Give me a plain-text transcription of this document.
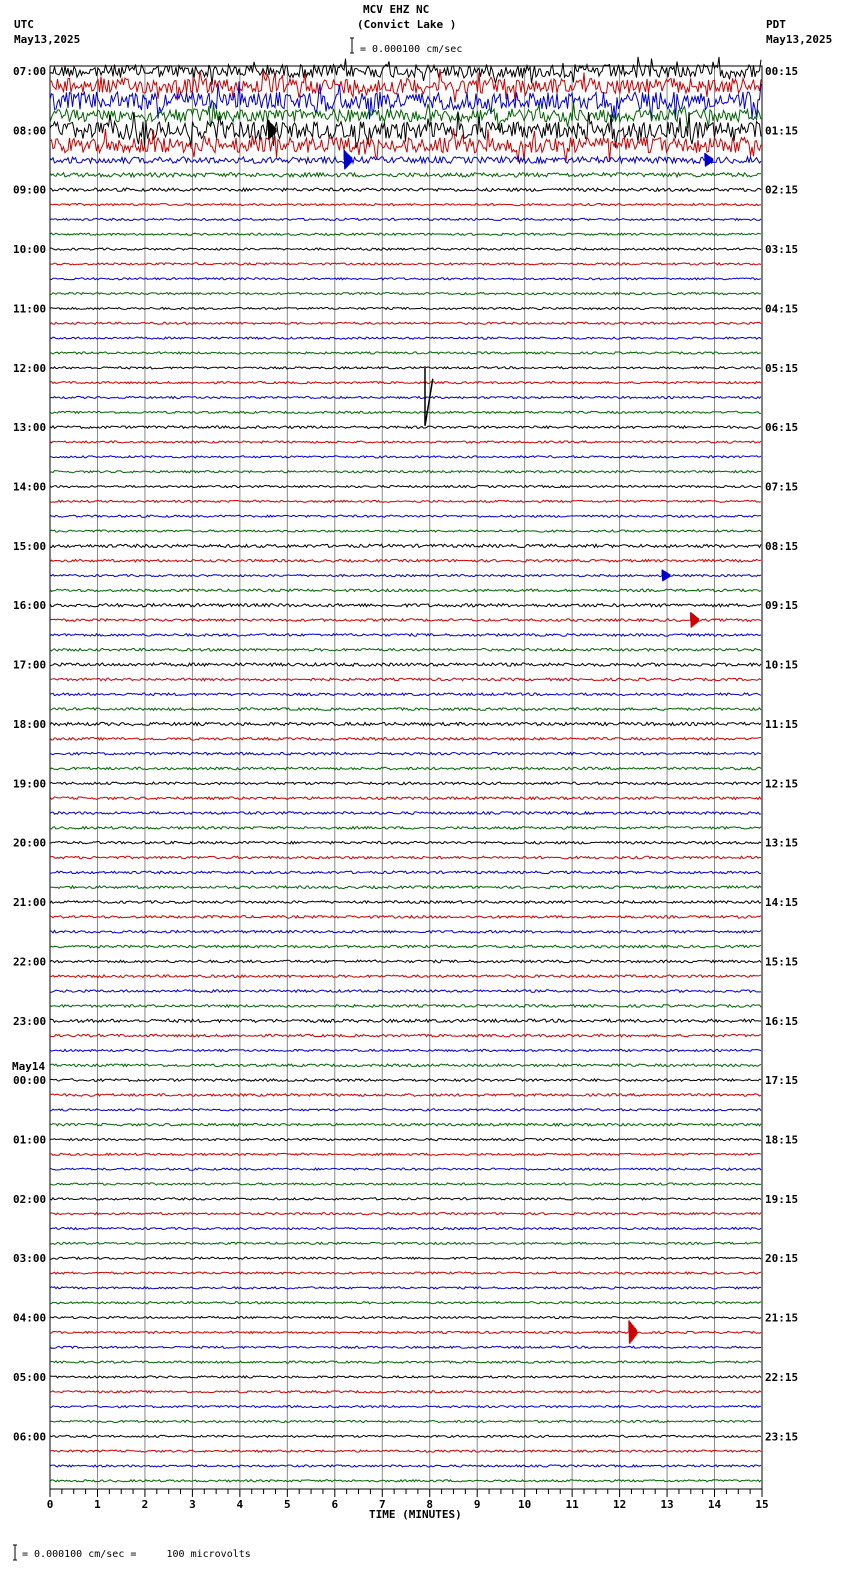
MCV EHZ NC
(Convict Lake )
= 0.000100 cm/sec
UTC
May13,2025
PDT
May13,2025
May14
= 0.000100 cm/sec =     100 microvolts
TIME (MINUTES)
07:00	00:15
08:00	01:15
09:00	02:15
10:00	03:15
11:00	04:15
12:00	05:15
13:00	06:15
14:00	07:15
15:00	08:15
16:00	09:15
17:00	10:15
18:00	11:15
19:00	12:15
20:00	13:15
21:00	14:15
22:00	15:15
23:00	16:15
00:00	17:15
01:00	18:15
02:00	19:15
03:00	20:15
04:00	21:15
05:00	22:15
06:00	23:15
0	1	2	3	4	5	6	7	8	9	10	11	12	13	14	15
